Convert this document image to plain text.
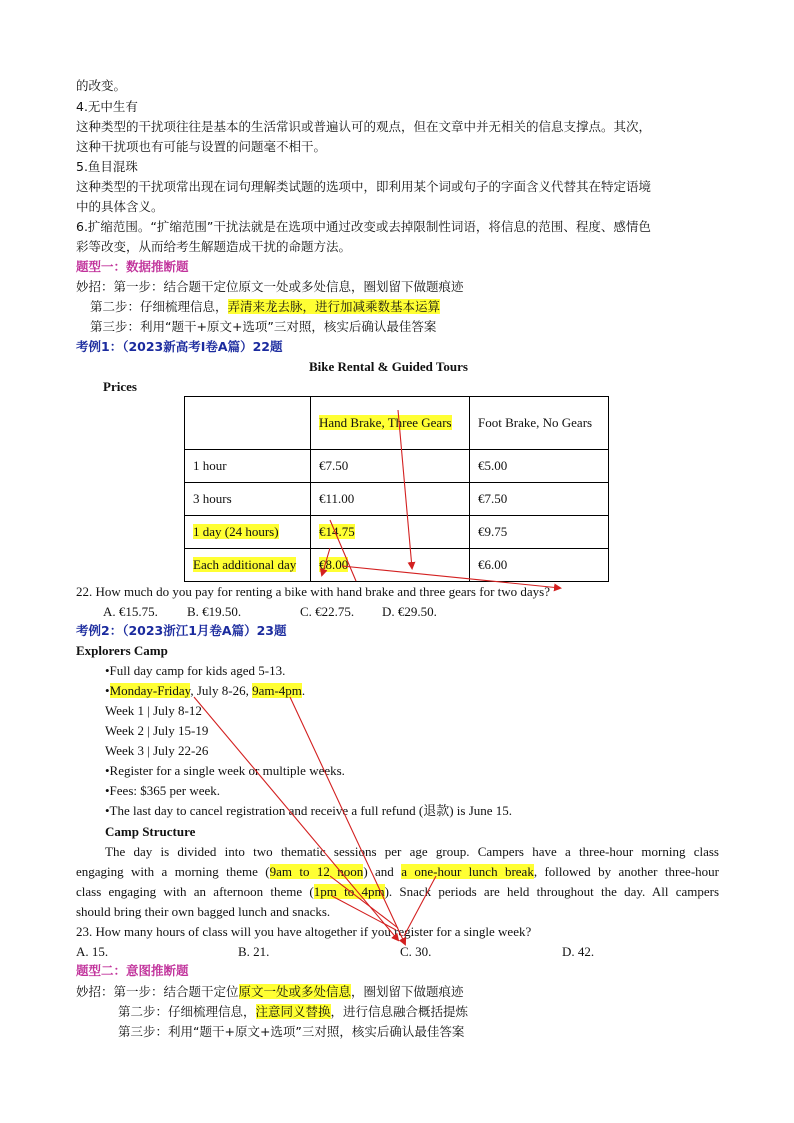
的改变。
4.无中生有
这种类型的干扰项往往是基本的生活常识或普遍认可的观点，但在文章中并无相关的信息支撑点。其次，
这种干扰项也有可能与设置的问题毫不相干。
5.鱼目混珠
这种类型的干扰项常出现在词句理解类试题的选项中，即利用某个词或句子的字面含义代替其在特定语境
中的具体含义。
6.扩缩范围。“扩缩范围”干扰法就是在选项中通过改变或去掉限制性词语，将信息的范围、程度、感情色
彩等改变，从而给考生解题造成干扰的命题方法。
题型一：数据推断题
妙招：第一步：结合题干定位原文一处或多处信息，圈划留下做题痕迹
第二步：仔细梳理信息，弄清来龙去脉，进行加减乘数基本运算
第三步：利用“题干+原文+选项”三对照，核实后确认最佳答案
考例1：（2023新高考I卷A篇）22题
Bike Rental & Guided Tours
Prices
	Hand Brake, Three Gears	Foot Brake, No Gears
1 hour	€7.50	€5.00
3 hours	€11.00	€7.50
1 day (24 hours)	€14.75	€9.75
Each additional day	€8.00	€6.00
22. How much do you pay for renting a bike with hand brake and three gears for two days?
A. €15.75. B. €19.50.	C. €22.75. D. €29.50.
考例2：（2023浙江1月卷A篇）23题
Explorers Camp
•Full day camp for kids aged 5-13.
•Monday-Friday, July 8-26, 9am-4pm.
Week 1 | July 8-12
Week 2 | July 15-19
Week 3 | July 22-26
•Register for a single week or multiple weeks.
•Fees: $365 per week.
•The last day to cancel registration and receive a full refund (退款) is June 15.
Camp Structure
The day is divided into two thematic sessions per age group. Campers have a three-hour morning class
engaging with a morning theme (9am to 12 noon) and a one-hour lunch break, followed by another three-hour
class engaging with an afternoon theme (1pm to 4pm). Snack periods are held throughout the day. All campers
should bring their own bagged lunch and snacks.
23. How many hours of class will you have altogether if you register for a single week?
A. 15.	B. 21.	C. 30.	D. 42.
题型二：意图推断题
妙招：第一步：结合题干定位原文一处或多处信息，圈划留下做题痕迹
第二步：仔细梳理信息，注意同义替换，进行信息融合概括提炼
第三步：利用“题干+原文+选项”三对照，核实后确认最佳答案
